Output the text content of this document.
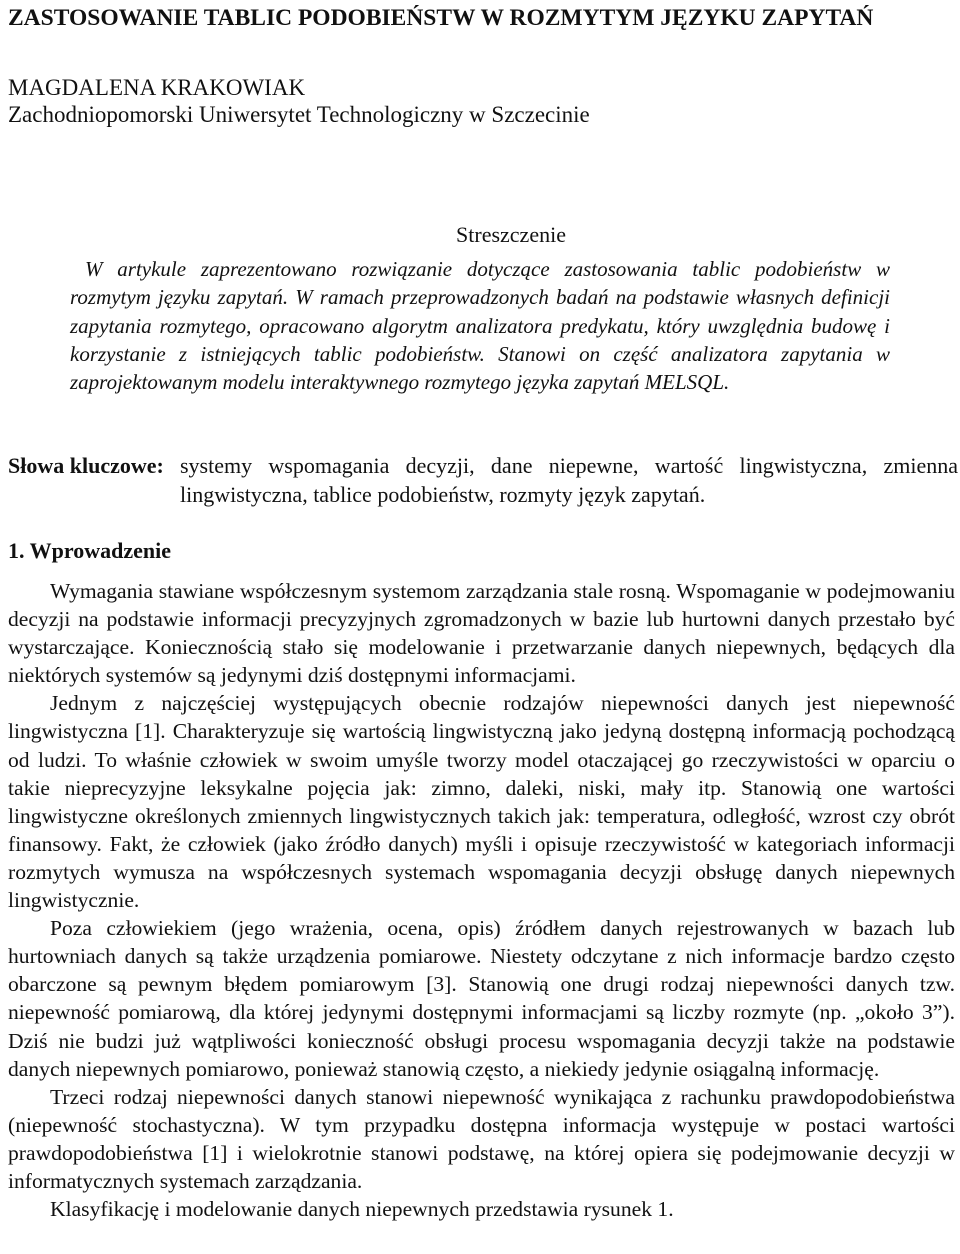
ZASTOSOWANIE TABLIC PODOBIEŃSTW W ROZMYTYM JĘZYKU ZAPYTAŃ
MAGDALENA KRAKOWIAK
Zachodniopomorski Uniwersytet Technologiczny w Szczecinie
Streszczenie

W artykule zaprezentowano rozwiązanie dotyczące zastosowania tablic podobieństw w rozmytym języku zapytań. W ramach przeprowadzonych badań na podstawie własnych definicji zapytania rozmytego, opracowano algorytm analizatora predykatu, który uwzględnia budowę i korzystanie z istniejących tablic podobieństw. Stanowi on część analizatora zapytania w zaprojektowanym modelu interaktywnego rozmytego języka zapytań MELSQL.

Słowa kluczowe: systemy wspomagania decyzji, dane niepewne, wartość lingwistyczna, zmienna lingwistyczna, tablice podobieństw, rozmyty język zapytań.
1. Wprowadzenie

Wymagania stawiane współczesnym systemom zarządzania stale rosną. Wspomaganie w podejmowaniu decyzji na podstawie informacji precyzyjnych zgromadzonych w bazie lub hurtowni danych przestało być wystarczające. Koniecznością stało się modelowanie i przetwarzanie danych niepewnych, będących dla niektórych systemów są jedynymi dziś dostępnymi informacjami.

Jednym z najczęściej występujących obecnie rodzajów niepewności danych jest niepewność lingwistyczna [1]. Charakteryzuje się wartością lingwistyczną jako jedyną dostępną informacją pochodzącą od ludzi. To właśnie człowiek w swoim umyśle tworzy model otaczającej go rzeczywistości w oparciu o takie nieprecyzyjne leksykalne pojęcia jak: zimno, daleki, niski, mały itp. Stanowią one wartości lingwistyczne określonych zmiennych lingwistycznych takich jak: temperatura, odległość, wzrost czy obrót finansowy. Fakt, że człowiek (jako źródło danych) myśli i opisuje rzeczywistość w kategoriach informacji rozmytych wymusza na współczesnych systemach wspomagania decyzji obsługę danych niepewnych lingwistycznie.

Poza człowiekiem (jego wrażenia, ocena, opis) źródłem danych rejestrowanych w bazach lub hurtowniach danych są także urządzenia pomiarowe. Niestety odczytane z nich informacje bardzo często obarczone są pewnym błędem pomiarowym [3]. Stanowią one drugi rodzaj niepewności danych tzw. niepewność pomiarową, dla której jedynymi dostępnymi informacjami są liczby rozmyte (np. „około 3”). Dziś nie budzi już wątpliwości konieczność obsługi procesu wspomagania decyzji także na podstawie danych niepewnych pomiarowo, ponieważ stanowią często, a niekiedy jedynie osiągalną informację.

Trzeci rodzaj niepewności danych stanowi niepewność wynikająca z rachunku prawdopodobieństwa (niepewność stochastyczna). W tym przypadku dostępna informacja występuje w postaci wartości prawdopodobieństwa [1] i wielokrotnie stanowi podstawę, na której opiera się podejmowanie decyzji w informatycznych systemach zarządzania.

Klasyfikację i modelowanie danych niepewnych przedstawia rysunek 1.
